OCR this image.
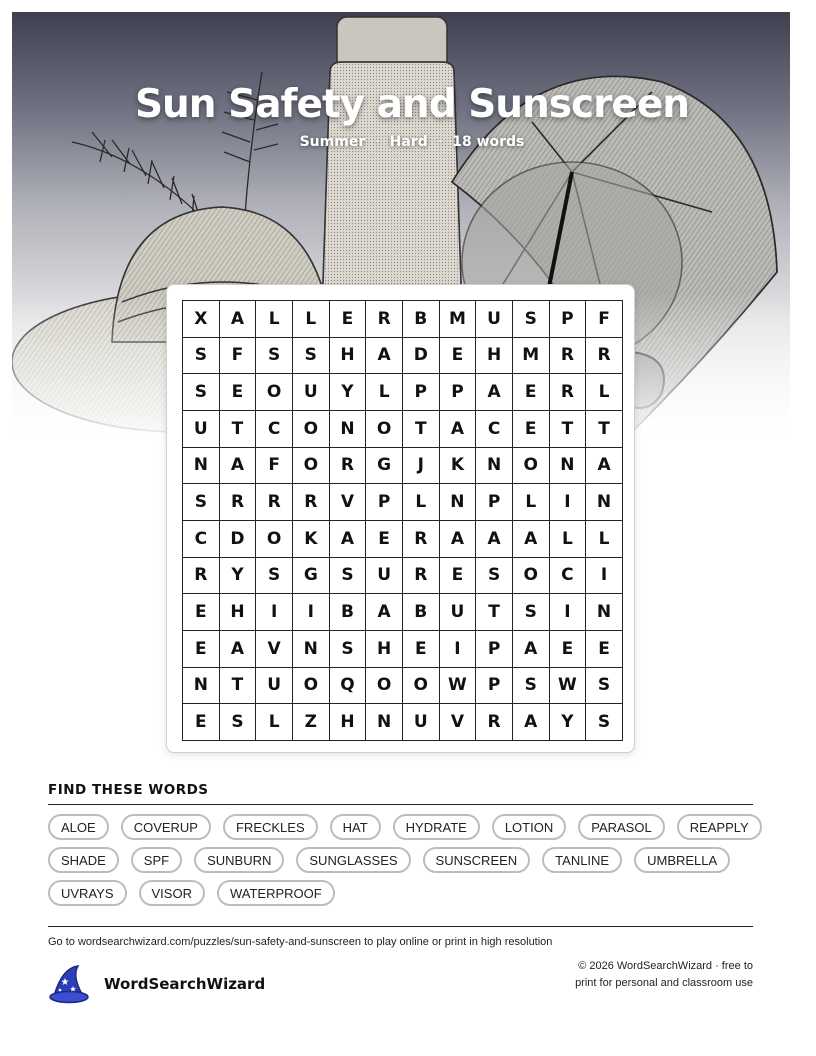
Sun Safety and Sunscreen
Summer · Hard · 18 words
X	A	L	L	E	R	B	M	U	S	P	F
S	F	S	S	H	A	D	E	H	M	R	R
S	E	O	U	Y	L	P	P	A	E	R	L
U	T	C	O	N	O	T	A	C	E	T	T
N	A	F	O	R	G	J	K	N	O	N	A
S	R	R	R	V	P	L	N	P	L	I	N
C	D	O	K	A	E	R	A	A	A	L	L
R	Y	S	G	S	U	R	E	S	O	C	I
E	H	I	I	B	A	B	U	T	S	I	N
E	A	V	N	S	H	E	I	P	A	E	E
N	T	U	O	Q	O	O	W	P	S	W	S
E	S	L	Z	H	N	U	V	R	A	Y	S
FIND THESE WORDS
ALOE	COVERUP	FRECKLES	HAT	HYDRATE	LOTION	PARASOL	REAPPLY
SHADE	SPF	SUNBURN	SUNGLASSES	SUNSCREEN	TANLINE	UMBRELLA
UVRAYS	VISOR	WATERPROOF
Go to wordsearchwizard.com/puzzles/sun-safety-and-sunscreen to play online or print in high resolution
WordSearchWizard
© 2026 WordSearchWizard · free to print for personal and classroom use
